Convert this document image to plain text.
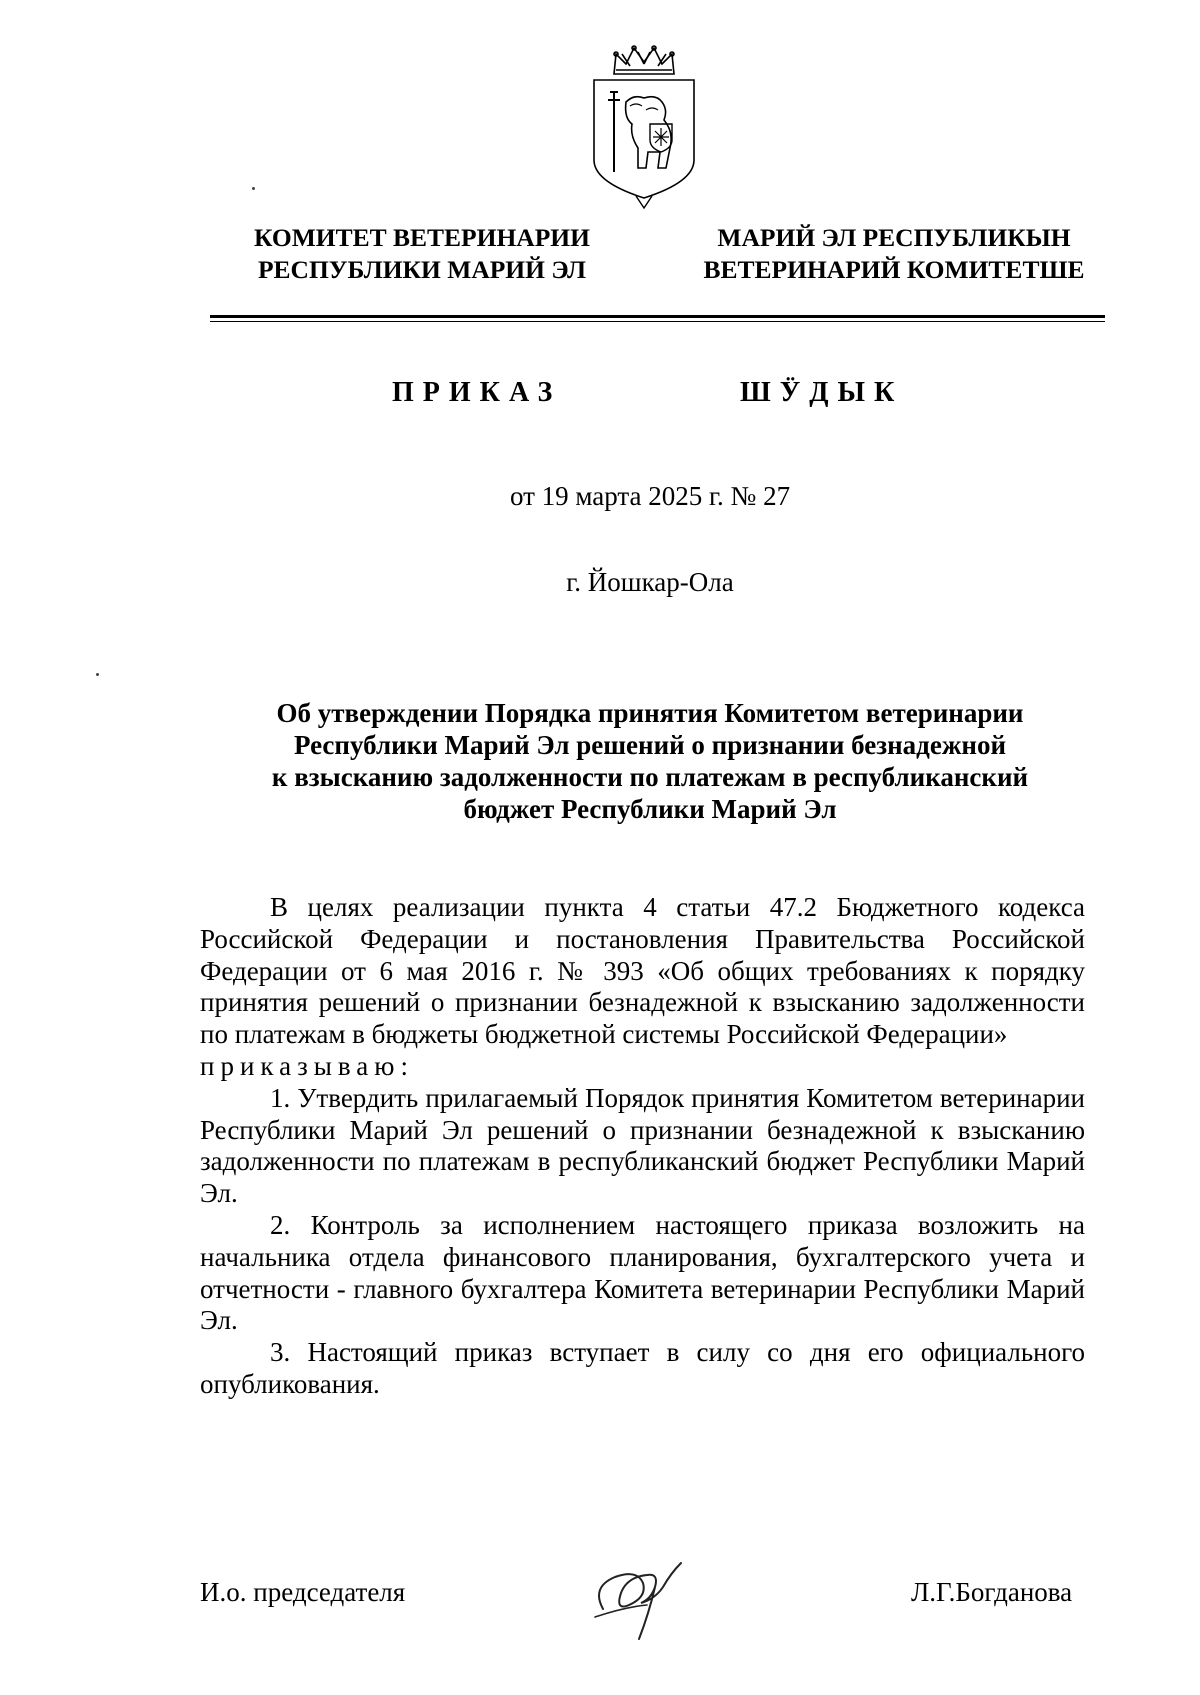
КОМИТЕТ ВЕТЕРИНАРИИ
РЕСПУБЛИКИ МАРИЙ ЭЛ
МАРИЙ ЭЛ РЕСПУБЛИКЫН
ВЕТЕРИНАРИЙ КОМИТЕТШЕ
ПРИКАЗ	ШӰДЫК
от 19 марта 2025 г. № 27
г. Йошкар-Ола
Об утверждении Порядка принятия Комитетом ветеринарии
Республики Марий Эл решений о признании безнадежной
к взысканию задолженности по платежам в республиканский
бюджет Республики Марий Эл

В целях реализации пункта 4 статьи 47.2 Бюджетного кодекса Российской Федерации и постановления Правительства Российской Федерации от 6 мая 2016 г. № 393 «Об общих требованиях к порядку принятия решений о признании безнадежной к взысканию задолженности по платежам в бюджеты бюджетной системы Российской Федерации»

приказываю:

1. Утвердить прилагаемый Порядок принятия Комитетом ветеринарии Республики Марий Эл решений о признании безнадежной к взысканию задолженности по платежам в республиканский бюджет Республики Марий Эл.

2. Контроль за исполнением настоящего приказа возложить на начальника отдела финансового планирования, бухгалтерского учета и отчетности - главного бухгалтера Комитета ветеринарии Республики Марий Эл.

3. Настоящий приказ вступает в силу со дня его официального опубликования.

И.о. председателя	Л.Г.Богданова
